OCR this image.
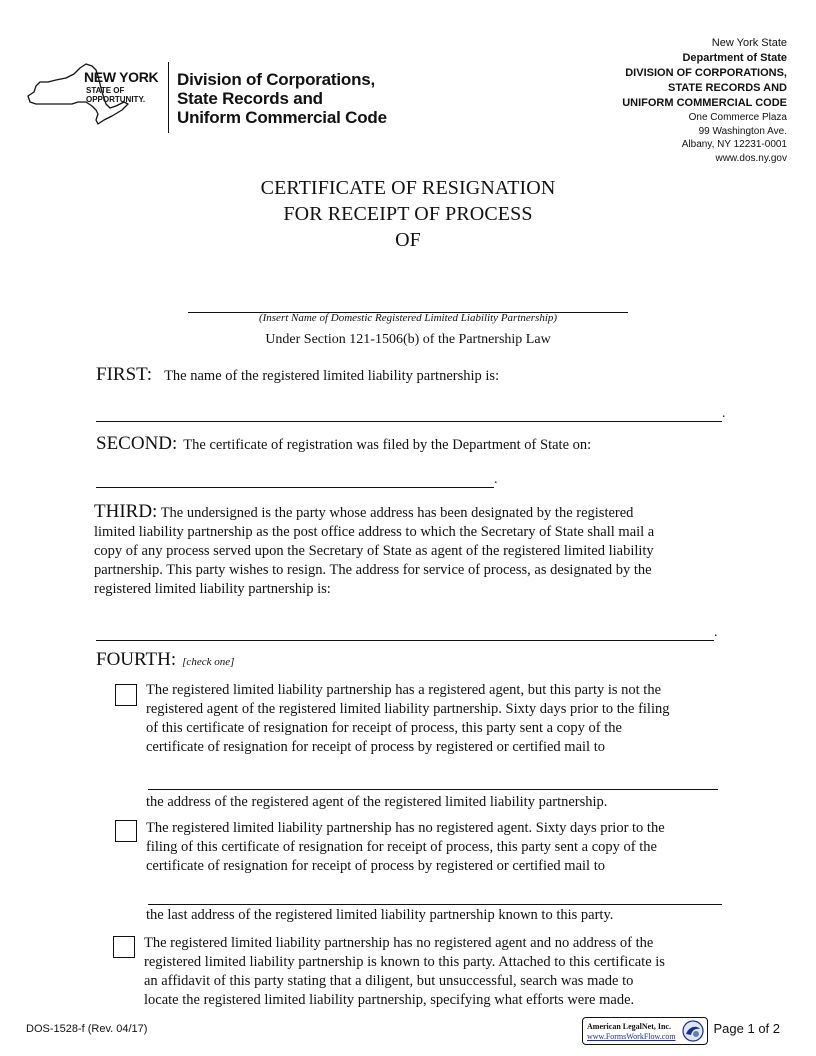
NEW YORK
STATE OF
OPPORTUNITY.
Division of Corporations,
State Records and
Uniform Commercial Code
New York State
Department of State
DIVISION OF CORPORATIONS,
STATE RECORDS AND
UNIFORM COMMERCIAL CODE
One Commerce Plaza
99 Washington Ave.
Albany, NY 12231-0001
www.dos.ny.gov
CERTIFICATE OF RESIGNATION
FOR RECEIPT OF PROCESS
OF
(Insert Name of Domestic Registered Limited Liability Partnership)
Under Section 121-1506(b) of the Partnership Law
FIRST: The name of the registered limited liability partnership is:
.
SECOND: The certificate of registration was filed by the Department of State on:
.
THIRD: The undersigned is the party whose address has been designated by the registered
limited liability partnership as the post office address to which the Secretary of State shall mail a
copy of any process served upon the Secretary of State as agent of the registered limited liability
partnership. This party wishes to resign. The address for service of process, as designated by the
registered limited liability partnership is:
.
FOURTH: [check one]
The registered limited liability partnership has a registered agent, but this party is not the
registered agent of the registered limited liability partnership. Sixty days prior to the filing
of this certificate of resignation for receipt of process, this party sent a copy of the
certificate of resignation for receipt of process by registered or certified mail to
the address of the registered agent of the registered limited liability partnership.
The registered limited liability partnership has no registered agent. Sixty days prior to the
filing of this certificate of resignation for receipt of process, this party sent a copy of the
certificate of resignation for receipt of process by registered or certified mail to
the last address of the registered limited liability partnership known to this party.
The registered limited liability partnership has no registered agent and no address of the
registered limited liability partnership is known to this party. Attached to this certificate is
an affidavit of this party stating that a diligent, but unsuccessful, search was made to
locate the registered limited liability partnership, specifying what efforts were made.
DOS-1528-f (Rev. 04/17)	American LegalNet, Inc.
www.FormsWorkFlow.com
Page 1 of 2
